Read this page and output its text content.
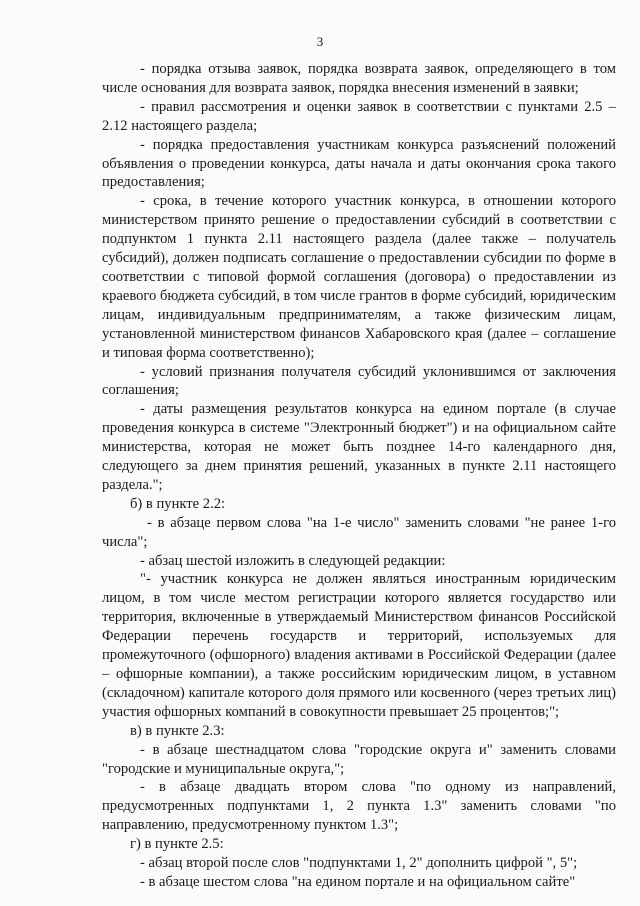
3

- порядка отзыва заявок, порядка возврата заявок, определяющего в том числе основания для возврата заявок, порядка внесения изменений в заявки;

- правил рассмотрения и оценки заявок в соответствии с пунктами 2.5 – 2.12 настоящего раздела;

- порядка предоставления участникам конкурса разъяснений положений объявления о проведении конкурса, даты начала и даты окончания срока такого предоставления;

- срока, в течение которого участник конкурса, в отношении которого министерством принято решение о предоставлении субсидий в соответствии с подпунктом 1 пункта 2.11 настоящего раздела (далее также – получатель субсидий), должен подписать соглашение о предоставлении субсидии по форме в соответствии с типовой формой соглашения (договора) о предоставлении из краевого бюджета субсидий, в том числе грантов в форме субсидий, юридическим лицам, индивидуальным предпринимателям, а также физическим лицам, установленной министерством финансов Хабаровского края (далее – соглашение и типовая форма соответственно);

- условий признания получателя субсидий уклонившимся от заключения соглашения;

- даты размещения результатов конкурса на едином портале (в случае проведения конкурса в системе "Электронный бюджет") и на официальном сайте министерства, которая не может быть позднее 14-го календарного дня, следующего за днем принятия решений, указанных в пункте 2.11 настоящего раздела.";

б) в пункте 2.2:

- в абзаце первом слова "на 1-е число" заменить словами "не ранее 1-го числа";

- абзац шестой изложить в следующей редакции:

"- участник конкурса не должен являться иностранным юридическим лицом, в том числе местом регистрации которого является государство или территория, включенные в утверждаемый Министерством финансов Российской Федерации перечень государств и территорий, используемых для промежуточного (офшорного) владения активами в Российской Федерации (далее – офшорные компании), а также российским юридическим лицом, в уставном (складочном) капитале которого доля прямого или косвенного (через третьих лиц) участия офшорных компаний в совокупности превышает 25 процентов;";

в) в пункте 2.3:

- в абзаце шестнадцатом слова "городские округа и" заменить словами "городские и муниципальные округа,";

- в абзаце двадцать втором слова "по одному из направлений, предусмотренных подпунктами 1, 2 пункта 1.3" заменить словами "по направлению, предусмотренному пунктом 1.3";

г) в пункте 2.5:

- абзац второй после слов "подпунктами 1, 2" дополнить цифрой ", 5";

- в абзаце шестом слова "на едином портале и на официальном сайте"
